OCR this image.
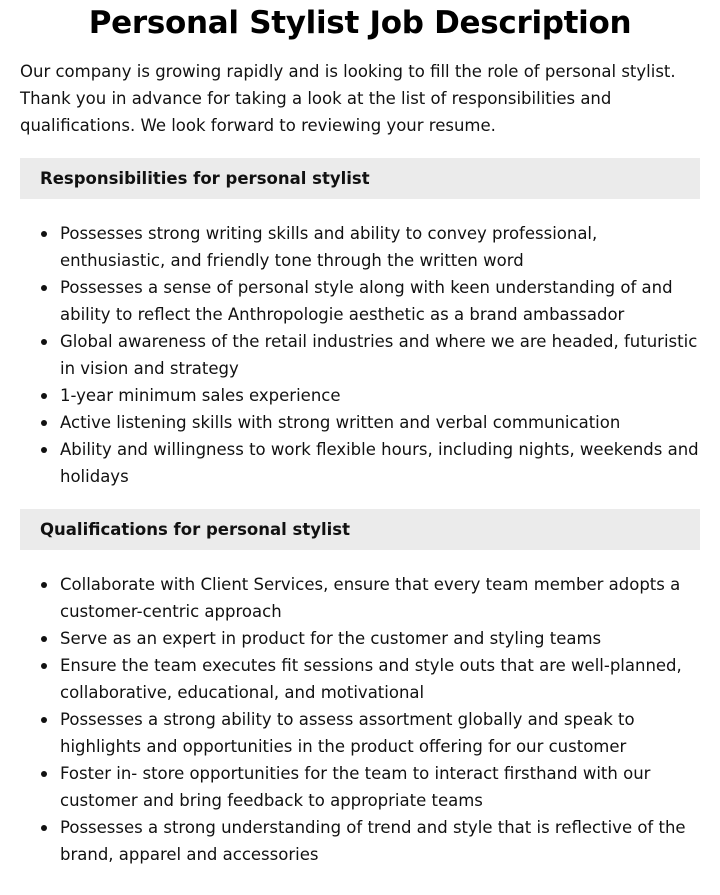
Personal Stylist Job Description

Our company is growing rapidly and is looking to fill the role of personal stylist. Thank you in advance for taking a look at the list of responsibilities and qualifications. We look forward to reviewing your resume.

Responsibilities for personal stylist
Possesses strong writing skills and ability to convey professional, enthusiastic, and friendly tone through the written word
Possesses a sense of personal style along with keen understanding of and ability to reflect the Anthropologie aesthetic as a brand ambassador
Global awareness of the retail industries and where we are headed, futuristic in vision and strategy
1-year minimum sales experience
Active listening skills with strong written and verbal communication
Ability and willingness to work flexible hours, including nights, weekends and holidays
Qualifications for personal stylist
Collaborate with Client Services, ensure that every team member adopts a customer-centric approach
Serve as an expert in product for the customer and styling teams
Ensure the team executes fit sessions and style outs that are well-planned, collaborative, educational, and motivational
Possesses a strong ability to assess assortment globally and speak to highlights and opportunities in the product offering for our customer
Foster in- store opportunities for the team to interact firsthand with our customer and bring feedback to appropriate teams
Possesses a strong understanding of trend and style that is reflective of the brand, apparel and accessories
